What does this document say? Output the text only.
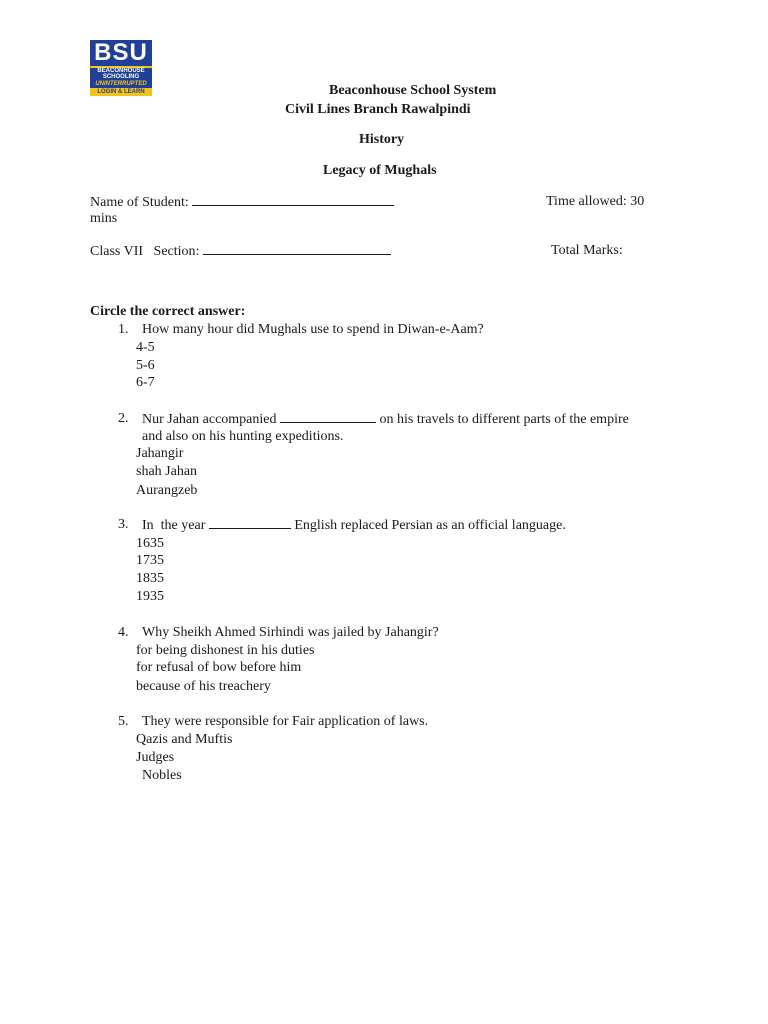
BSU
BEACONHOUSE
SCHOOLING
UNINTERRUPTED
LOGIN & LEARN	Beaconhouse School System
Civil Lines Branch Rawalpindi
History
Legacy of Mughals
Name of Student:	Time allowed: 30
mins
Class VII Section:	Total Marks:
Circle the correct answer:
1. How many hour did Mughals use to spend in Diwan-e-Aam?
4-5
5-6
6-7
2. Nur Jahan accompanied	on his travels to different parts of the empire
and also on his hunting expeditions.
Jahangir
shah Jahan
Aurangzeb
3. In  the year	English replaced Persian as an official language.
1635
1735
1835
1935
4. Why Sheikh Ahmed Sirhindi was jailed by Jahangir?
for being dishonest in his duties
for refusal of bow before him
because of his treachery
5. They were responsible for Fair application of laws.
Qazis and Muftis
Judges
Nobles
